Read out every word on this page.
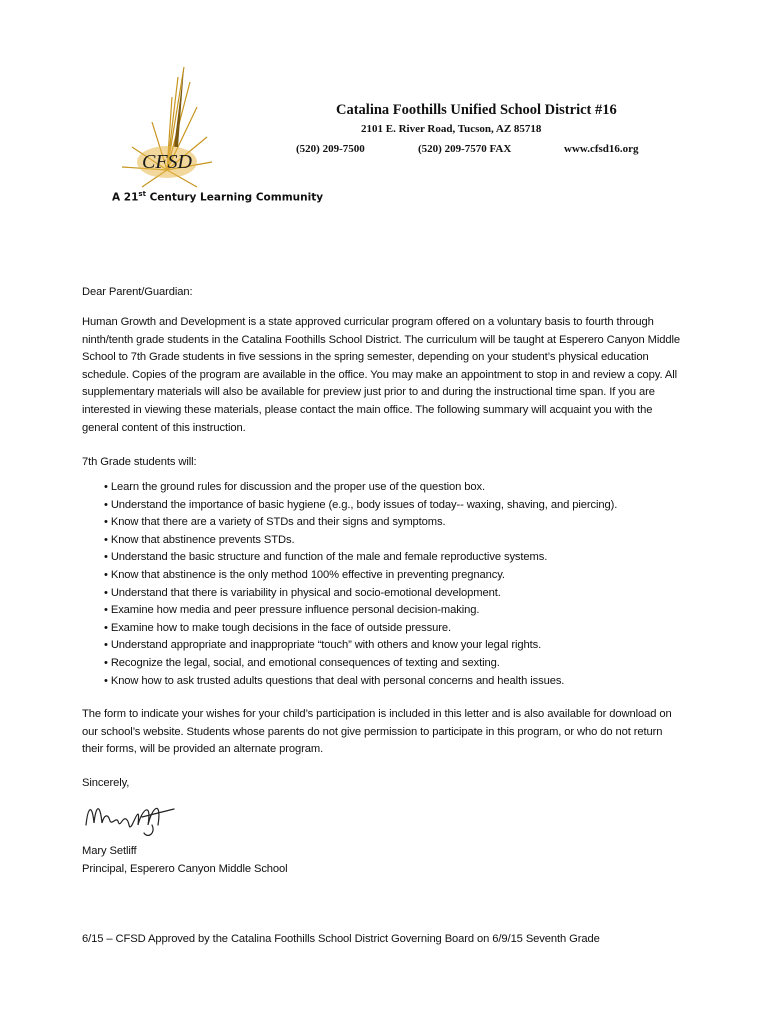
CFSD
A 21st Century Learning Community
Catalina Foothills Unified School District #16
2101 E. River Road, Tucson, AZ 85718
(520) 209-7500	(520) 209-7570 FAX	www.cfsd16.org
Dear Parent/Guardian:
Human Growth and Development is a state approved curricular program offered on a voluntary basis to fourth through ninth/tenth grade students in the Catalina Foothills School District. The curriculum will be taught at Esperero Canyon Middle School to 7th Grade students in five sessions in the spring semester, depending on your student’s physical education schedule. Copies of the program are available in the office. You may make an appointment to stop in and review a copy. All supplementary materials will also be available for preview just prior to and during the instructional time span. If you are interested in viewing these materials, please contact the main office. The following summary will acquaint you with the general content of this instruction.
7th Grade students will:
• Learn the ground rules for discussion and the proper use of the question box.
• Understand the importance of basic hygiene (e.g., body issues of today-- waxing, shaving, and piercing).
• Know that there are a variety of STDs and their signs and symptoms.
• Know that abstinence prevents STDs.
• Understand the basic structure and function of the male and female reproductive systems.
• Know that abstinence is the only method 100% effective in preventing pregnancy.
• Understand that there is variability in physical and socio-emotional development.
• Examine how media and peer pressure influence personal decision-making.
• Examine how to make tough decisions in the face of outside pressure.
• Understand appropriate and inappropriate “touch” with others and know your legal rights.
• Recognize the legal, social, and emotional consequences of texting and sexting.
• Know how to ask trusted adults questions that deal with personal concerns and health issues.
The form to indicate your wishes for your child’s participation is included in this letter and is also available for download on our school’s website. Students whose parents do not give permission to participate in this program, or who do not return their forms, will be provided an alternate program.
Sincerely,
Mary Setliff
Principal, Esperero Canyon Middle School
6/15 – CFSD Approved by the Catalina Foothills School District Governing Board on 6/9/15 Seventh Grade
